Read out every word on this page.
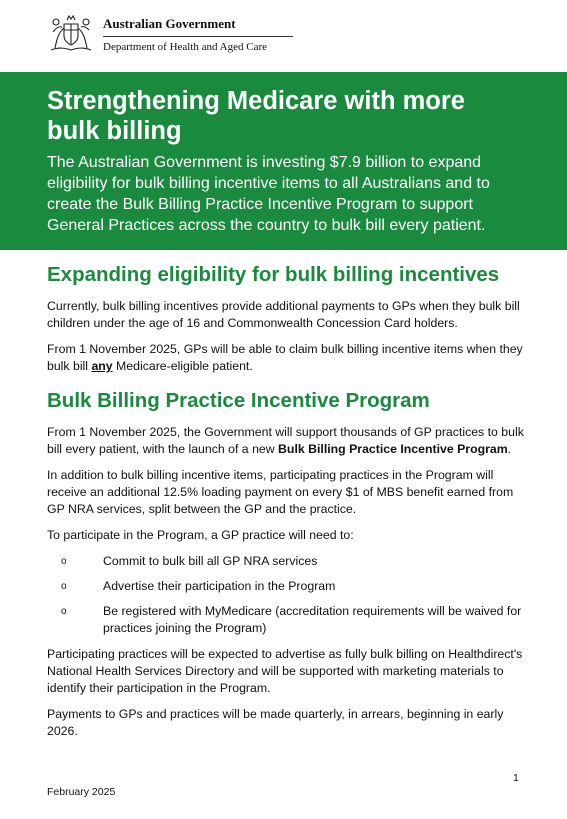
Australian Government
Department of Health and Aged Care
Strengthening Medicare with more bulk billing

The Australian Government is investing $7.9 billion to expand eligibility for bulk billing incentive items to all Australians and to create the Bulk Billing Practice Incentive Program to support General Practices across the country to bulk bill every patient.

Expanding eligibility for bulk billing incentives

Currently, bulk billing incentives provide additional payments to GPs when they bulk bill children under the age of 16 and Commonwealth Concession Card holders.

From 1 November 2025, GPs will be able to claim bulk billing incentive items when they bulk bill any Medicare-eligible patient.

Bulk Billing Practice Incentive Program

From 1 November 2025, the Government will support thousands of GP practices to bulk bill every patient, with the launch of a new Bulk Billing Practice Incentive Program.

In addition to bulk billing incentive items, participating practices in the Program will receive an additional 12.5% loading payment on every $1 of MBS benefit earned from GP NRA services, split between the GP and the practice.

To participate in the Program, a GP practice will need to:

o	Commit to bulk bill all GP NRA services
o	Advertise their participation in the Program
o	Be registered with MyMedicare (accreditation requirements will be waived for practices joining the Program)

Participating practices will be expected to advertise as fully bulk billing on Healthdirect's National Health Services Directory and will be supported with marketing materials to identify their participation in the Program.

Payments to GPs and practices will be made quarterly, in arrears, beginning in early 2026.

1
February 2025
